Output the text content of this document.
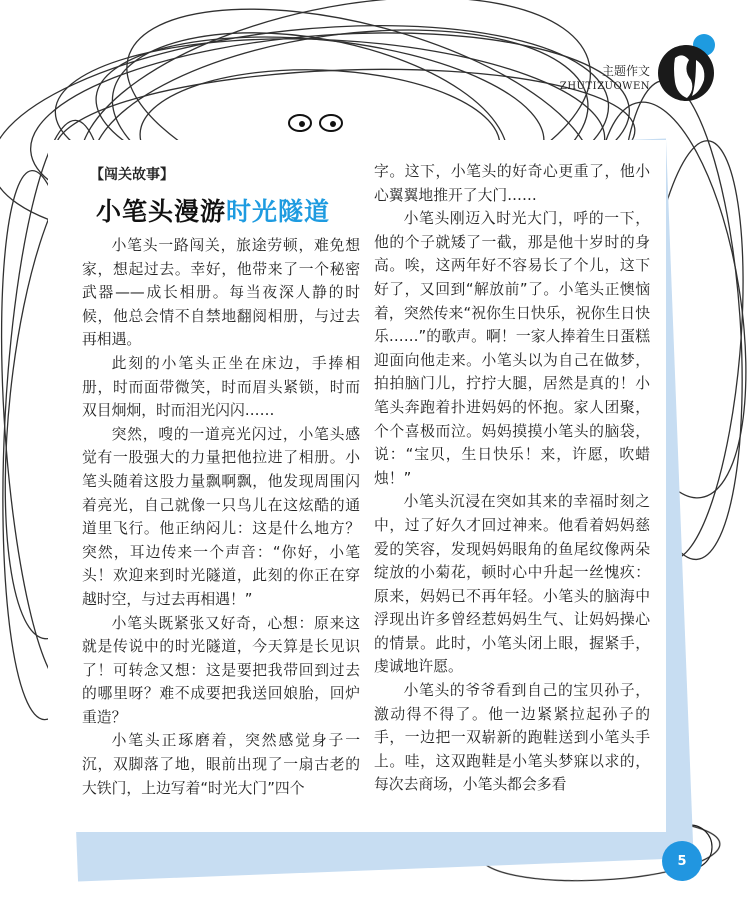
主题作文
ZHUTIZUOWEN
【闯关故事】
小笔头漫游时光隧道

小笔头一路闯关，旅途劳顿，难免想家，想起过去。幸好，他带来了一个秘密武器——成长相册。每当夜深人静的时候，他总会情不自禁地翻阅相册，与过去再相遇。

此刻的小笔头正坐在床边，手捧相册，时而面带微笑，时而眉头紧锁，时而双目炯炯，时而泪光闪闪……

突然，嗖的一道亮光闪过，小笔头感觉有一股强大的力量把他拉进了相册。小笔头随着这股力量飘啊飘，他发现周围闪着亮光，自己就像一只鸟儿在这炫酷的通道里飞行。他正纳闷儿：这是什么地方？突然，耳边传来一个声音：“你好，小笔头！欢迎来到时光隧道，此刻的你正在穿越时空，与过去再相遇！”

小笔头既紧张又好奇，心想：原来这就是传说中的时光隧道，今天算是长见识了！可转念又想：这是要把我带回到过去的哪里呀？难不成要把我送回娘胎，回炉重造？

小笔头正琢磨着，突然感觉身子一沉，双脚落了地，眼前出现了一扇古老的大铁门，上边写着“时光大门”四个

字。这下，小笔头的好奇心更重了，他小心翼翼地推开了大门……

小笔头刚迈入时光大门，呼的一下，他的个子就矮了一截，那是他十岁时的身高。唉，这两年好不容易长了个儿，这下好了，又回到“解放前”了。小笔头正懊恼着，突然传来“祝你生日快乐，祝你生日快乐……”的歌声。啊！一家人捧着生日蛋糕迎面向他走来。小笔头以为自己在做梦，拍拍脑门儿，拧拧大腿，居然是真的！小笔头奔跑着扑进妈妈的怀抱。家人团聚，个个喜极而泣。妈妈摸摸小笔头的脑袋，说：“宝贝，生日快乐！来，许愿，吹蜡烛！”

小笔头沉浸在突如其来的幸福时刻之中，过了好久才回过神来。他看着妈妈慈爱的笑容，发现妈妈眼角的鱼尾纹像两朵绽放的小菊花，顿时心中升起一丝愧疚：原来，妈妈已不再年轻。小笔头的脑海中浮现出许多曾经惹妈妈生气、让妈妈操心的情景。此时，小笔头闭上眼，握紧手，虔诚地许愿。

小笔头的爷爷看到自己的宝贝孙子，激动得不得了。他一边紧紧拉起孙子的手，一边把一双崭新的跑鞋送到小笔头手上。哇，这双跑鞋是小笔头梦寐以求的，每次去商场，小笔头都会多看

5
